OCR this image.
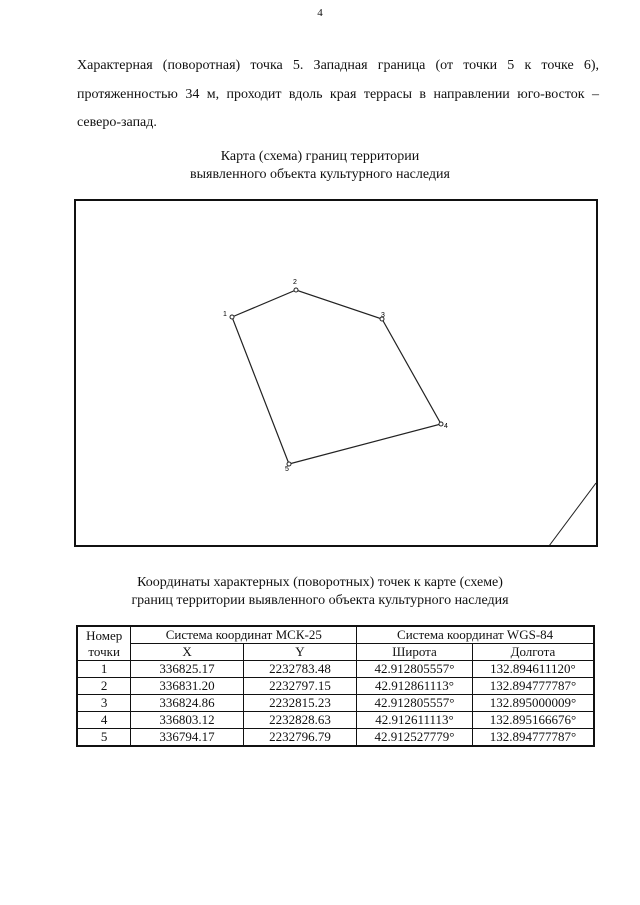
4
Характерная (поворотная) точка 5. Западная граница (от точки 5 к точке 6),
протяженностью 34 м, проходит вдоль края террасы в направлении юго-восток –
северо-запад.
Карта (схема) границ территории
выявленного объекта культурного наследия
1
2
3
4
5
Координаты характерных (поворотных) точек к карте (схеме)
границ территории выявленного объекта культурного наследия
Номер
точки	Система координат МСК-25		Система координат WGS-84	
	X	Y	Широта	Долгота
1	336825.17	2232783.48	42.912805557°	132.894611120°
2	336831.20	2232797.15	42.912861113°	132.894777787°
3	336824.86	2232815.23	42.912805557°	132.895000009°
4	336803.12	2232828.63	42.912611113°	132.895166676°
5	336794.17	2232796.79	42.912527779°	132.894777787°
